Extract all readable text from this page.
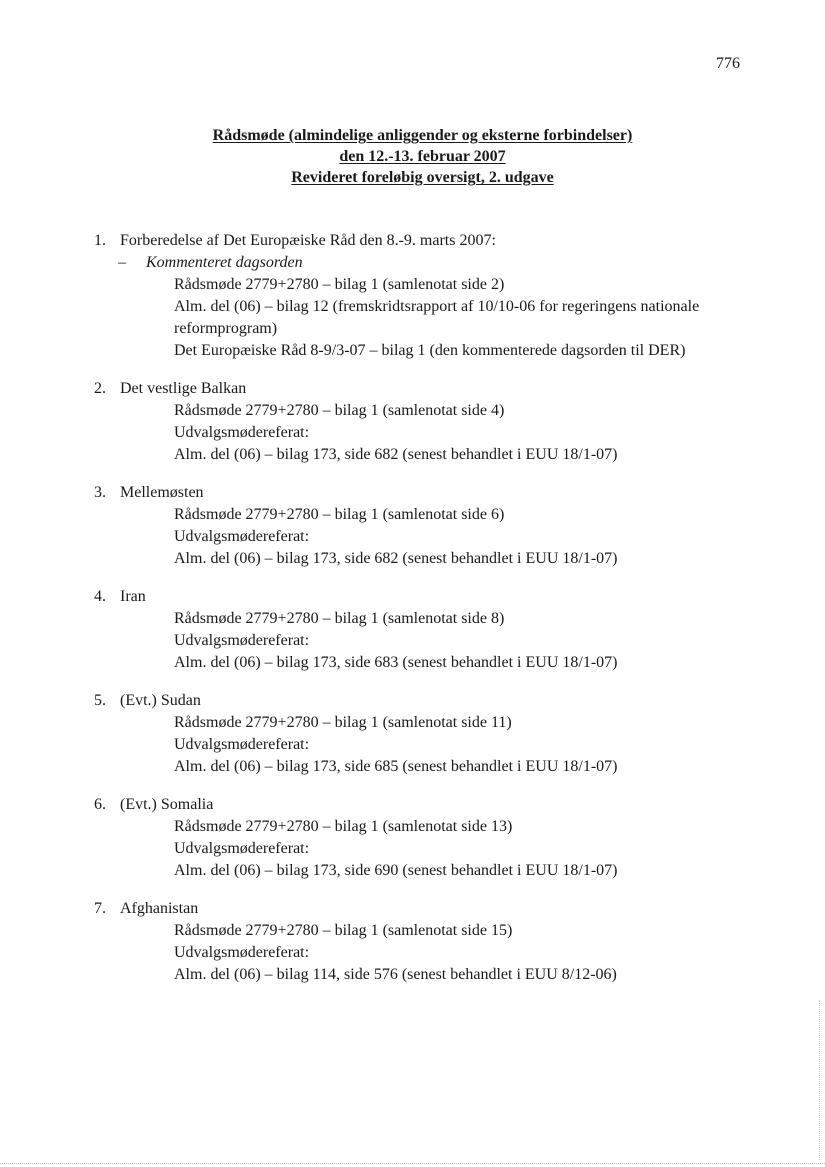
776
Rådsmøde (almindelige anliggender og eksterne forbindelser)
den 12.-13. februar 2007
Revideret foreløbig oversigt, 2. udgave
1. Forberedelse af Det Europæiske Råd den 8.-9. marts 2007:
– Kommenteret dagsorden
Rådsmøde 2779+2780 – bilag 1 (samlenotat side 2)
Alm. del (06) – bilag 12 (fremskridtsrapport af 10/10-06 for regeringens nationale reformprogram)
Det Europæiske Råd 8-9/3-07 – bilag 1 (den kommenterede dagsorden til DER)
2. Det vestlige Balkan
Rådsmøde 2779+2780 – bilag 1 (samlenotat side 4)
Udvalgsmødereferat:
Alm. del (06) – bilag 173, side 682 (senest behandlet i EUU 18/1-07)
3. Mellemøsten
Rådsmøde 2779+2780 – bilag 1 (samlenotat side 6)
Udvalgsmødereferat:
Alm. del (06) – bilag 173, side 682 (senest behandlet i EUU 18/1-07)
4. Iran
Rådsmøde 2779+2780 – bilag 1 (samlenotat side 8)
Udvalgsmødereferat:
Alm. del (06) – bilag 173, side 683 (senest behandlet i EUU 18/1-07)
5. (Evt.) Sudan
Rådsmøde 2779+2780 – bilag 1 (samlenotat side 11)
Udvalgsmødereferat:
Alm. del (06) – bilag 173, side 685 (senest behandlet i EUU 18/1-07)
6. (Evt.) Somalia
Rådsmøde 2779+2780 – bilag 1 (samlenotat side 13)
Udvalgsmødereferat:
Alm. del (06) – bilag 173, side 690 (senest behandlet i EUU 18/1-07)
7. Afghanistan
Rådsmøde 2779+2780 – bilag 1 (samlenotat side 15)
Udvalgsmødereferat:
Alm. del (06) – bilag 114, side 576 (senest behandlet i EUU 8/12-06)
